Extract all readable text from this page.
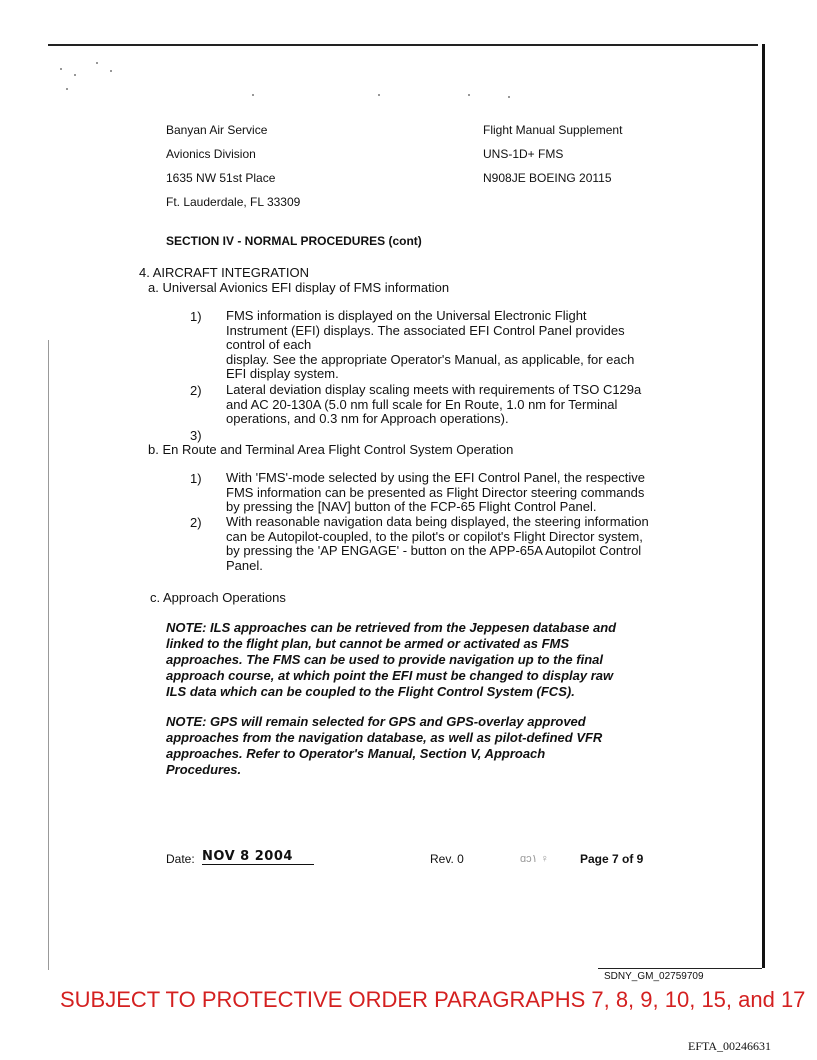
Banyan Air Service
Avionics Division
1635 NW 51st Place
Ft. Lauderdale, FL 33309
Flight Manual Supplement
UNS-1D+ FMS
N908JE BOEING 20115
SECTION IV - NORMAL PROCEDURES (cont)
4. AIRCRAFT INTEGRATION
a. Universal Avionics EFI display of FMS information
1) FMS information is displayed on the Universal Electronic Flight
Instrument (EFI) displays. The associated EFI Control Panel provides
control of each
display. See the appropriate Operator's Manual, as applicable, for each
EFI display system.
2) Lateral deviation display scaling meets with requirements of TSO C129a
and AC 20-130A (5.0 nm full scale for En Route, 1.0 nm for Terminal
operations, and 0.3 nm for Approach operations).
3)
b. En Route and Terminal Area Flight Control System Operation
1) With 'FMS'-mode selected by using the EFI Control Panel, the respective
FMS information can be presented as Flight Director steering commands
by pressing the [NAV] button of the FCP-65 Flight Control Panel.
2) With reasonable navigation data being displayed, the steering information
can be Autopilot-coupled, to the pilot's or copilot's Flight Director system,
by pressing the 'AP ENGAGE' - button on the APP-65A Autopilot Control
Panel.
c. Approach Operations
NOTE: ILS approaches can be retrieved from the Jeppesen database and
linked to the flight plan, but cannot be armed or activated as FMS
approaches. The FMS can be used to provide navigation up to the final
approach course, at which point the EFI must be changed to display raw
ILS data which can be coupled to the Flight Control System (FCS).
NOTE: GPS will remain selected for GPS and GPS-overlay approved
approaches from the navigation database, as well as pilot-defined VFR
approaches. Refer to Operator's Manual, Section V, Approach
Procedures.
Date: NOV 8 2004	Rev. 0	ɑɔ١ ♀	Page 7 of 9
SDNY_GM_02759709
SUBJECT TO PROTECTIVE ORDER PARAGRAPHS 7, 8, 9, 10, 15, and 17
EFTA_00246631
